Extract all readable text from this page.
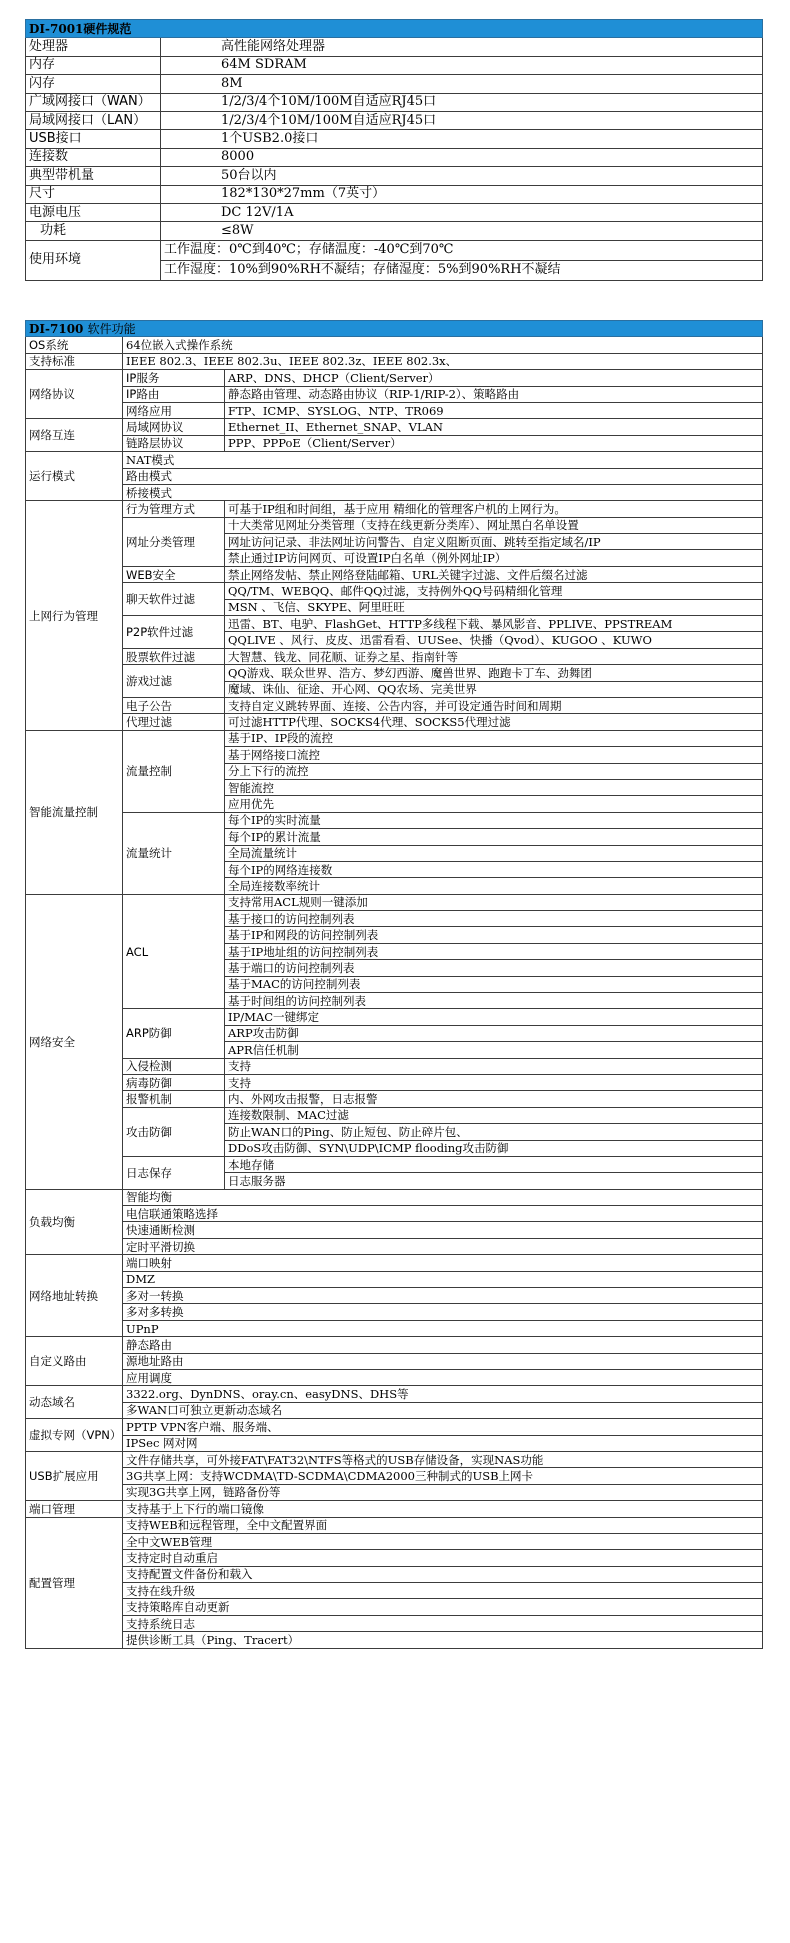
DI-7001硬件规范	
处理器	高性能网络处理器
内存	64M SDRAM
闪存	8M
广域网接口（WAN）	1/2/3/4个10M/100M自适应RJ45口
局域网接口（LAN）	1/2/3/4个10M/100M自适应RJ45口
USB接口	1个USB2.0接口
连接数	8000
典型带机量	50台以内
尺寸	182*130*27mm（7英寸）
电源电压	DC 12V/1A
功耗	≤8W
使用环境	工作温度：0℃到40℃；存储温度：-40℃到70℃
	工作湿度：10%到90%RH不凝结；存储湿度：5%到90%RH不凝结
DI-7100 软件功能		
OS系统	64位嵌入式操作系统	
支持标准	IEEE 802.3、IEEE 802.3u、IEEE 802.3z、IEEE 802.3x、	
网络协议	IP服务	ARP、DNS、DHCP（Client/Server）
	IP路由	静态路由管理、动态路由协议（RIP-1/RIP-2）、策略路由
	网络应用	FTP、ICMP、SYSLOG、NTP、TR069
网络互连	局域网协议	Ethernet_II、Ethernet_SNAP、VLAN
	链路层协议	PPP、PPPoE（Client/Server）
运行模式	NAT模式	
	路由模式	
	桥接模式	
上网行为管理	行为管理方式	可基于IP组和时间组，基于应用 精细化的管理客户机的上网行为。
	网址分类管理	十大类常见网址分类管理（支持在线更新分类库）、网址黑白名单设置
		网址访问记录、非法网址访问警告、自定义阻断页面、跳转至指定域名/IP
		禁止通过IP访问网页、可设置IP白名单（例外网址IP）
	WEB安全	禁止网络发帖、禁止网络登陆邮箱、URL关键字过滤、文件后缀名过滤
	聊天软件过滤	QQ/TM、WEBQQ、邮件QQ过滤，支持例外QQ号码精细化管理
		MSN 、飞信、SKYPE、阿里旺旺
	P2P软件过滤	迅雷、BT、电驴、FlashGet、HTTP多线程下载、暴风影音、PPLIVE、PPSTREAM
		QQLIVE 、风行、皮皮、迅雷看看、UUSee、快播（Qvod）、KUGOO 、KUWO
	股票软件过滤	大智慧、钱龙、同花顺、证券之星、指南针等
	游戏过滤	QQ游戏、联众世界、浩方、梦幻西游、魔兽世界、跑跑卡丁车、劲舞团
		魔域、诛仙、征途、开心网、QQ农场、完美世界
	电子公告	支持自定义跳转界面、连接、公告内容，并可设定通告时间和周期
	代理过滤	可过滤HTTP代理、SOCKS4代理、SOCKS5代理过滤
智能流量控制	流量控制	基于IP、IP段的流控
		基于网络接口流控
		分上下行的流控
		智能流控
		应用优先
	流量统计	每个IP的实时流量
		每个IP的累计流量
		全局流量统计
		每个IP的网络连接数
		全局连接数率统计
网络安全	ACL	支持常用ACL规则一键添加
		基于接口的访问控制列表
		基于IP和网段的访问控制列表
		基于IP地址组的访问控制列表
		基于端口的访问控制列表
		基于MAC的访问控制列表
		基于时间组的访问控制列表
	ARP防御	IP/MAC一键绑定
		ARP攻击防御
		APR信任机制
	入侵检测	支持
	病毒防御	支持
	报警机制	内、外网攻击报警，日志报警
	攻击防御	连接数限制、MAC过滤
		防止WAN口的Ping、防止短包、防止碎片包、
		DDoS攻击防御、SYN\UDP\ICMP flooding攻击防御
	日志保存	本地存储
		日志服务器
负载均衡	智能均衡	
	电信联通策略选择	
	快速通断检测	
	定时平滑切换	
网络地址转换	端口映射	
	DMZ	
	多对一转换	
	多对多转换	
	UPnP	
自定义路由	静态路由	
	源地址路由	
	应用调度	
动态域名	3322.org、DynDNS、oray.cn、easyDNS、DHS等	
	多WAN口可独立更新动态域名	
虚拟专网（VPN）	PPTP VPN客户端、服务端、	
	IPSec 网对网	
USB扩展应用	文件存储共享，可外接FAT\FAT32\NTFS等格式的USB存储设备，实现NAS功能	
	3G共享上网：支持WCDMA\TD-SCDMA\CDMA2000三种制式的USB上网卡	
	实现3G共享上网，链路备份等	
端口管理	支持基于上下行的端口镜像	
配置管理	支持WEB和远程管理，全中文配置界面	
	全中文WEB管理	
	支持定时自动重启	
	支持配置文件备份和载入	
	支持在线升级	
	支持策略库自动更新	
	支持系统日志	
	提供诊断工具（Ping、Tracert）	
